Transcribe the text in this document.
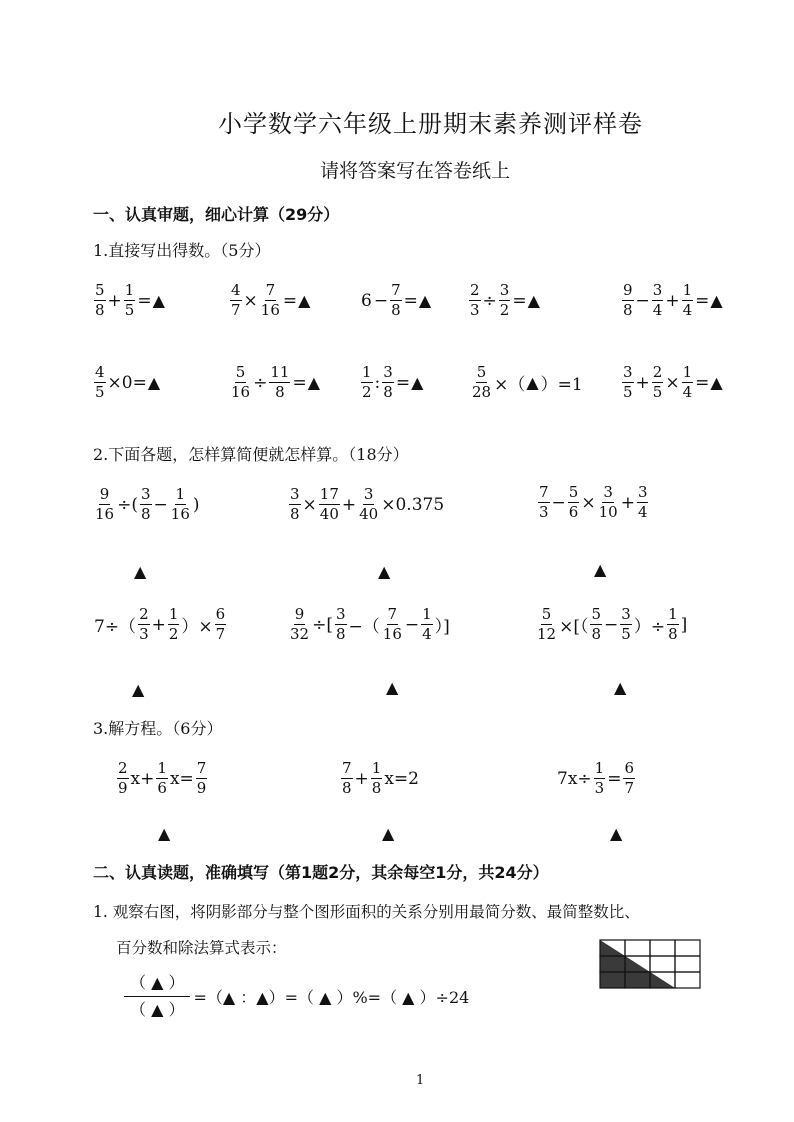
小学数学六年级上册期末素养测评样卷
请将答案写在答卷纸上
一、认真审题，细心计算（29分）
1.直接写出得数。（5分）
$\frac{5}{8} + \frac{1}{5}$ = ▲	$\frac{4}{7} \times \frac{7}{16}$ = ▲	$6 - \frac{7}{8}$ = ▲	$\frac{2}{3} \div \frac{3}{2}$ = ▲	$\frac{9}{8} - \frac{3}{4} + \frac{1}{4}$ = ▲
$\frac{4}{5} \times 0=$ ▲	$\frac{5}{16} \div \frac{11}{8}$ = ▲	$\frac{1}{2}$ : $\frac{3}{8}$ = ▲	$\frac{5}{28}$ ×（ ▲ ）=1	$\frac{3}{5} + \frac{2}{5} \times \frac{1}{4}$ = ▲
2.下面各题，怎样算简便就怎样算。（18分）
$\frac{9}{16}$ ÷( $\frac{3}{8} - \frac{1}{16}$ )	$\frac{3}{8} \times \frac{17}{40} + \frac{3}{40} \times 0.375$	$\frac{7}{3} - \frac{5}{6} \times \frac{3}{10} + \frac{3}{4}$
▲	▲	▲
$7\div( \frac{2}{3} + \frac{1}{2}$ ）× $\frac{6}{7}$	$\frac{9}{32}$ ÷[ $\frac{3}{8}$ −（ $\frac{7}{16} - \frac{1}{4}$ ）]	$\frac{5}{12}$ ×[（ $\frac{5}{8} - \frac{3}{5}$ ）÷ $\frac{1}{8}$ ]
▲	▲	▲
3.解方程。（6分）
$\frac{2}{9} x+ \frac{1}{6} x= \frac{7}{9}$	$\frac{7}{8} + \frac{1}{8} x=2$	$7x\div \frac{1}{3} = \frac{6}{7}$
▲	▲	▲
二、认真读题，准确填写（第1题2分，其余每空1分，共24分）
1. 观察右图，将阴影部分与整个图形面积的关系分别用最简分数、最简整数比、
百分数和除法算式表示：
$\frac{( ▲ )}{( ▲ )}$ =（▲ ：▲）=（ ▲ ）%=（ ▲ ）÷24
1
